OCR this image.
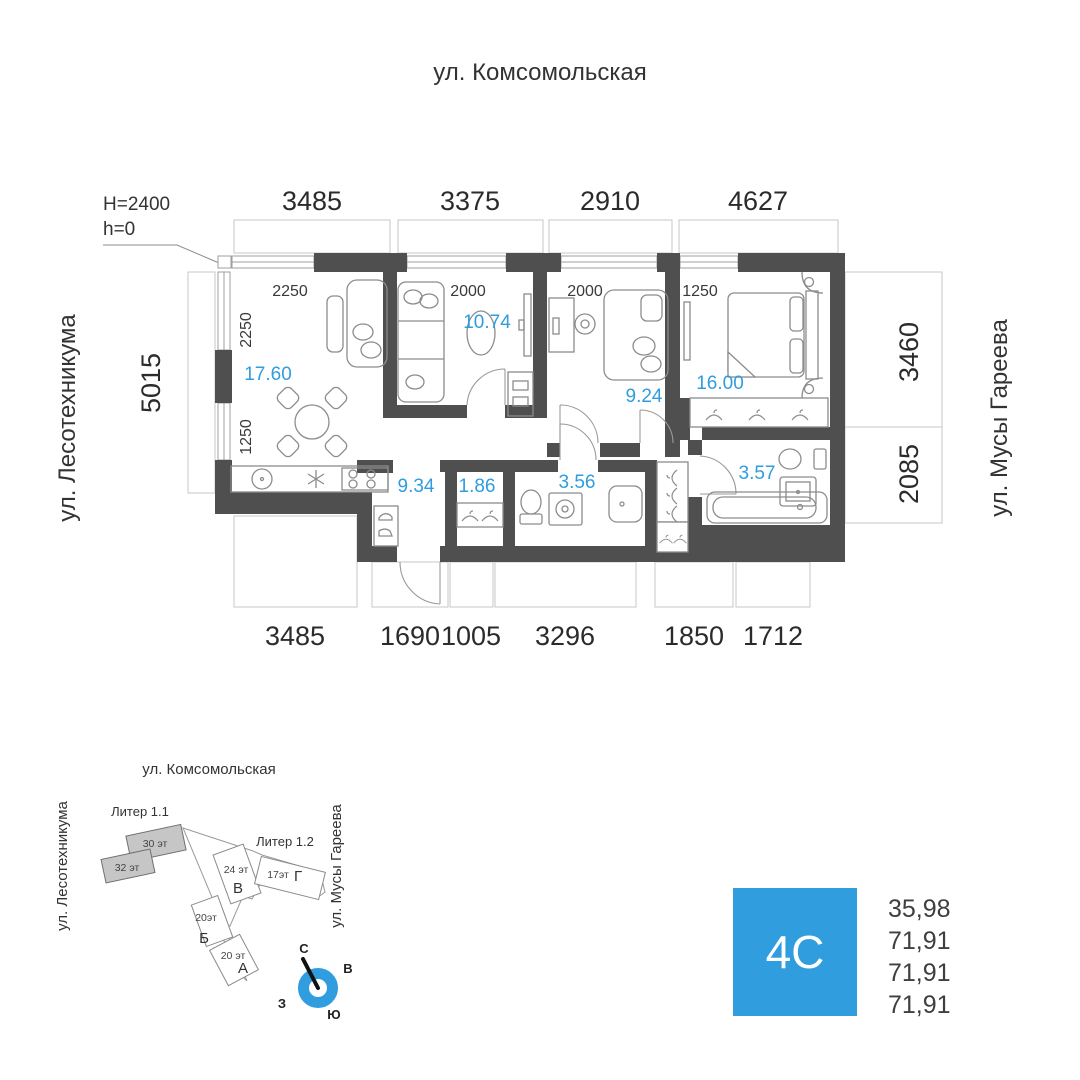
ул. Комсомольская
ул. Лесотехникума	ул. Мусы Гареева
H=2400
h=0
3485	3375	2910	4627
3485 1690 1005 3296	1850 1712
5015
3460
2085
2250
2250
1250
2000	2000	1250
17.60
10.74
9.24
16.00
9.34 1.86	3.56	3.57
ул. Комсомольская
ул. Лесотехникума	ул. Мусы Гареева
Литер 1.1
Литер 1.2
30 эт
32 эт	24 эт 17эт Г
В
20эт
Б
20 эт
А
С
В
Ю
З
4С
35,98
71,91
71,91
71,91
